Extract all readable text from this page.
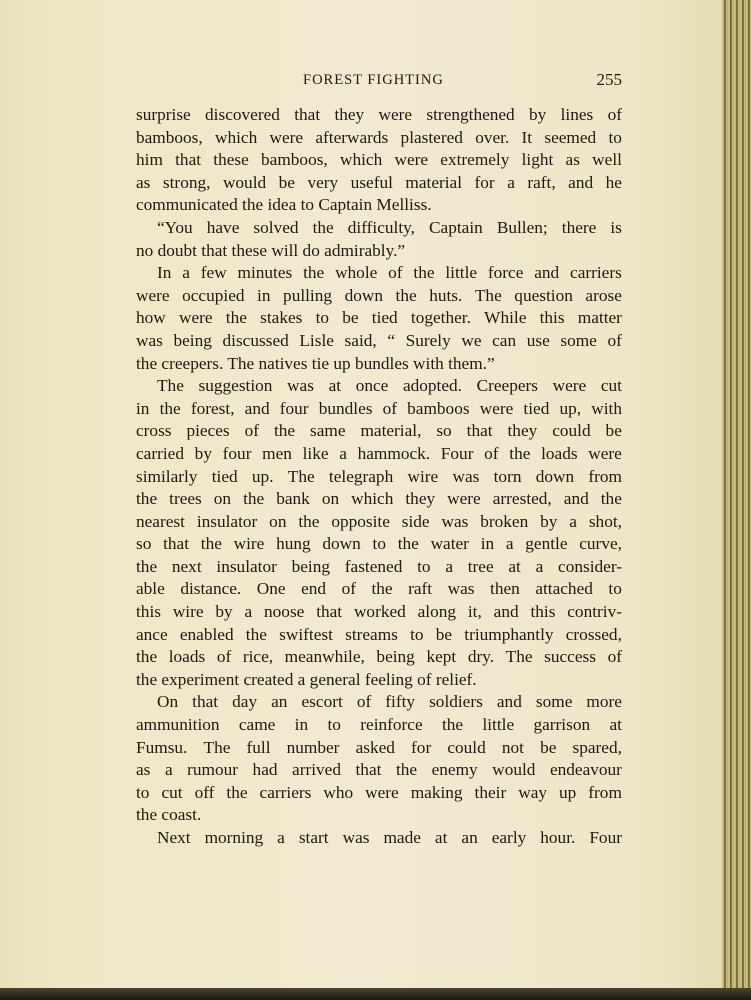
FOREST FIGHTING	255
surprise discovered that they were strengthened by lines of
bamboos, which were afterwards plastered over. It seemed to
him that these bamboos, which were extremely light as well
as strong, would be very useful material for a raft, and he
communicated the idea to Captain Melliss.
“You have solved the difficulty, Captain Bullen; there is
no doubt that these will do admirably.”
In a few minutes the whole of the little force and carriers
were occupied in pulling down the huts. The question arose
how were the stakes to be tied together. While this matter
was being discussed Lisle said, “ Surely we can use some of
the creepers. The natives tie up bundles with them.”
The suggestion was at once adopted. Creepers were cut
in the forest, and four bundles of bamboos were tied up, with
cross pieces of the same material, so that they could be
carried by four men like a hammock. Four of the loads were
similarly tied up. The telegraph wire was torn down from
the trees on the bank on which they were arrested, and the
nearest insulator on the opposite side was broken by a shot,
so that the wire hung down to the water in a gentle curve,
the next insulator being fastened to a tree at a consider-
able distance. One end of the raft was then attached to
this wire by a noose that worked along it, and this contriv-
ance enabled the swiftest streams to be triumphantly crossed,
the loads of rice, meanwhile, being kept dry. The success of
the experiment created a general feeling of relief.
On that day an escort of fifty soldiers and some more
ammunition came in to reinforce the little garrison at
Fumsu. The full number asked for could not be spared,
as a rumour had arrived that the enemy would endeavour
to cut off the carriers who were making their way up from
the coast.
Next morning a start was made at an early hour. Four
